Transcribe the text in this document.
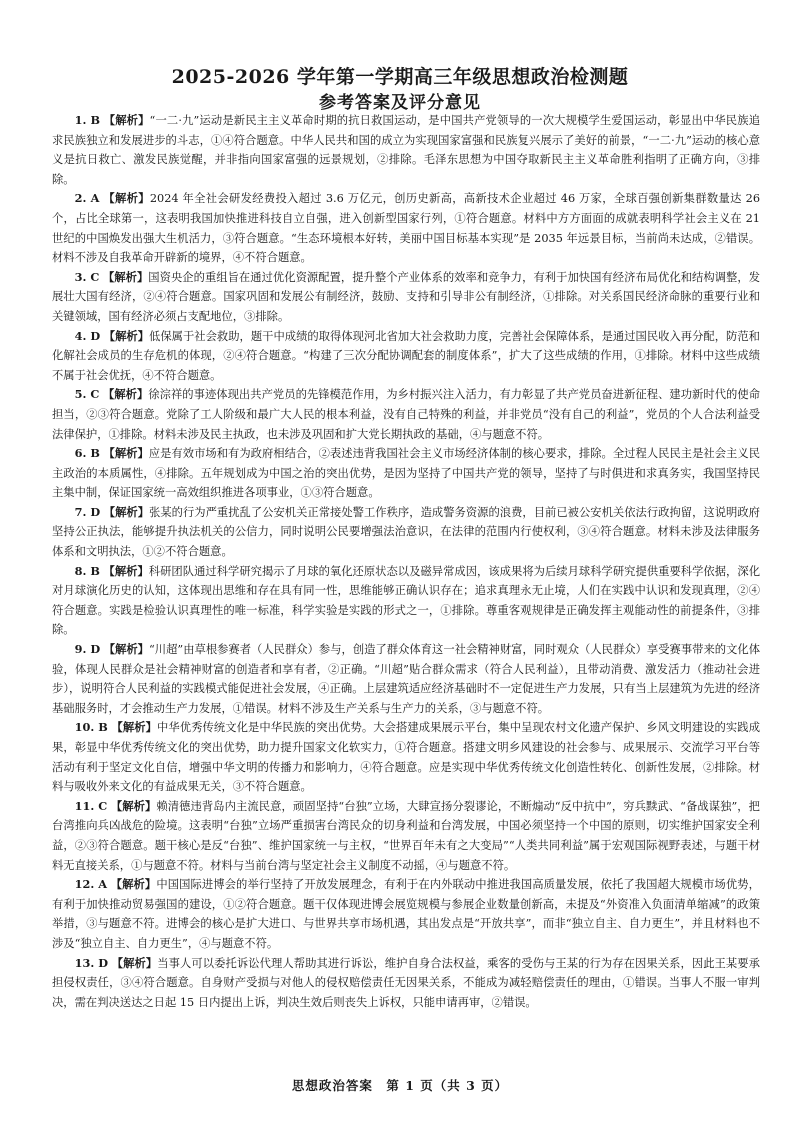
2025-2026 学年第一学期高三年级思想政治检测题
参考答案及评分意见

1. B 【解析】“一二·九”运动是新民主主义革命时期的抗日救国运动，是中国共产党领导的一次大规模学生爱国运动，彰显出中华民族追求民族独立和发展进步的斗志，①④符合题意。中华人民共和国的成立为实现国家富强和民族复兴展示了美好的前景，“一二·九”运动的核心意义是抗日救亡、激发民族觉醒，并非指向国家富强的远景规划，②排除。毛泽东思想为中国夺取新民主主义革命胜利指明了正确方向，③排除。

2. A 【解析】2024 年全社会研发经费投入超过 3.6 万亿元，创历史新高，高新技术企业超过 46 万家，全球百强创新集群数量达 26 个，占比全球第一，这表明我国加快推进科技自立自强，进入创新型国家行列，①符合题意。材料中方方面面的成就表明科学社会主义在 21 世纪的中国焕发出强大生机活力，③符合题意。“生态环境根本好转，美丽中国目标基本实现”是 2035 年远景目标，当前尚未达成，②错误。材料不涉及自我革命开辟新的境界，④不符合题意。

3. C 【解析】国资央企的重组旨在通过优化资源配置，提升整个产业体系的效率和竞争力，有利于加快国有经济布局优化和结构调整，发展壮大国有经济，②④符合题意。国家巩固和发展公有制经济，鼓励、支持和引导非公有制经济，①排除。对关系国民经济命脉的重要行业和关键领域，国有经济必须占支配地位，③排除。

4. D 【解析】低保属于社会救助，题干中成绩的取得体现河北省加大社会救助力度，完善社会保障体系，是通过国民收入再分配，防范和化解社会成员的生存危机的体现，②④符合题意。“构建了三次分配协调配套的制度体系”，扩大了这些成绩的作用，①排除。材料中这些成绩不属于社会优抚，④不符合题意。

5. C 【解析】徐淙祥的事迹体现出共产党员的先锋模范作用，为乡村振兴注入活力，有力彰显了共产党员奋进新征程、建功新时代的使命担当，②③符合题意。党除了工人阶级和最广大人民的根本利益，没有自己特殊的利益，并非党员“没有自己的利益”，党员的个人合法利益受法律保护，①排除。材料未涉及民主执政，也未涉及巩固和扩大党长期执政的基础，④与题意不符。

6. B 【解析】应是有效市场和有为政府相结合，②表述违背我国社会主义市场经济体制的核心要求，排除。全过程人民民主是社会主义民主政治的本质属性，④排除。五年规划成为中国之治的突出优势，是因为坚持了中国共产党的领导，坚持了与时俱进和求真务实，我国坚持民主集中制，保证国家统一高效组织推进各项事业，①③符合题意。

7. D 【解析】张某的行为严重扰乱了公安机关正常接处警工作秩序，造成警务资源的浪费，目前已被公安机关依法行政拘留，这说明政府坚持公正执法，能够提升执法机关的公信力，同时说明公民要增强法治意识，在法律的范围内行使权利，③④符合题意。材料未涉及法律服务体系和文明执法，①②不符合题意。

8. B 【解析】科研团队通过科学研究揭示了月球的氧化还原状态以及磁异常成因，该成果将为后续月球科学研究提供重要科学依据，深化对月球演化历史的认知，这体现出思维和存在具有同一性，思维能够正确认识存在；追求真理永无止境，人们在实践中认识和发现真理，②④符合题意。实践是检验认识真理性的唯一标准，科学实验是实践的形式之一，①排除。尊重客观规律是正确发挥主观能动性的前提条件，③排除。

9. D 【解析】“川超”由草根参赛者（人民群众）参与，创造了群众体育这一社会精神财富，同时观众（人民群众）享受赛事带来的文化体验，体现人民群众是社会精神财富的创造者和享有者，②正确。“川超”贴合群众需求（符合人民利益），且带动消费、激发活力（推动社会进步），说明符合人民利益的实践模式能促进社会发展，④正确。上层建筑适应经济基础时不一定促进生产力发展，只有当上层建筑为先进的经济基础服务时，才会推动生产力发展，①错误。材料不涉及生产关系与生产力的关系，③与题意不符。

10. B 【解析】中华优秀传统文化是中华民族的突出优势。大会搭建成果展示平台，集中呈现农村文化遗产保护、乡风文明建设的实践成果，彰显中华优秀传统文化的突出优势，助力提升国家文化软实力，①符合题意。搭建文明乡风建设的社会参与、成果展示、交流学习平台等活动有利于坚定文化自信，增强中华文明的传播力和影响力，④符合题意。应是实现中华优秀传统文化创造性转化、创新性发展，②排除。材料与吸收外来文化的有益成果无关，③不符合题意。

11. C 【解析】赖清德违背岛内主流民意，顽固坚持“台独”立场，大肆宣扬分裂谬论，不断煽动“反中抗中”，穷兵黩武、“备战谋独”，把台湾推向兵凶战危的险境。这表明“台独”立场严重损害台湾民众的切身利益和台湾发展，中国必须坚持一个中国的原则，切实维护国家安全利益，②③符合题意。题干核心是反“台独”、维护国家统一与主权，“世界百年未有之大变局”“人类共同利益”属于宏观国际视野表述，与题干材料无直接关系，①与题意不符。材料与当前台湾与坚定社会主义制度不动摇，④与题意不符。

12. A 【解析】中国国际进博会的举行坚持了开放发展理念，有利于在内外联动中推进我国高质量发展，依托了我国超大规模市场优势，有利于加快推动贸易强国的建设，①②符合题意。题干仅体现进博会展览规模与参展企业数量创新高，未提及“外资准入负面清单缩减”的政策举措，③与题意不符。进博会的核心是扩大进口、与世界共享市场机遇，其出发点是“开放共享”，而非“独立自主、自力更生”，并且材料也不涉及“独立自主、自力更生”，④与题意不符。

13. D 【解析】当事人可以委托诉讼代理人帮助其进行诉讼，维护自身合法权益，乘客的受伤与王某的行为存在因果关系，因此王某要承担侵权责任，③④符合题意。自身财产受损与对他人的侵权赔偿责任无因果关系，不能成为减轻赔偿责任的理由，①错误。当事人不服一审判决，需在判决送达之日起 15 日内提出上诉，判决生效后则丧失上诉权，只能申请再审，②错误。

思想政治答案　第 1 页（共 3 页）
